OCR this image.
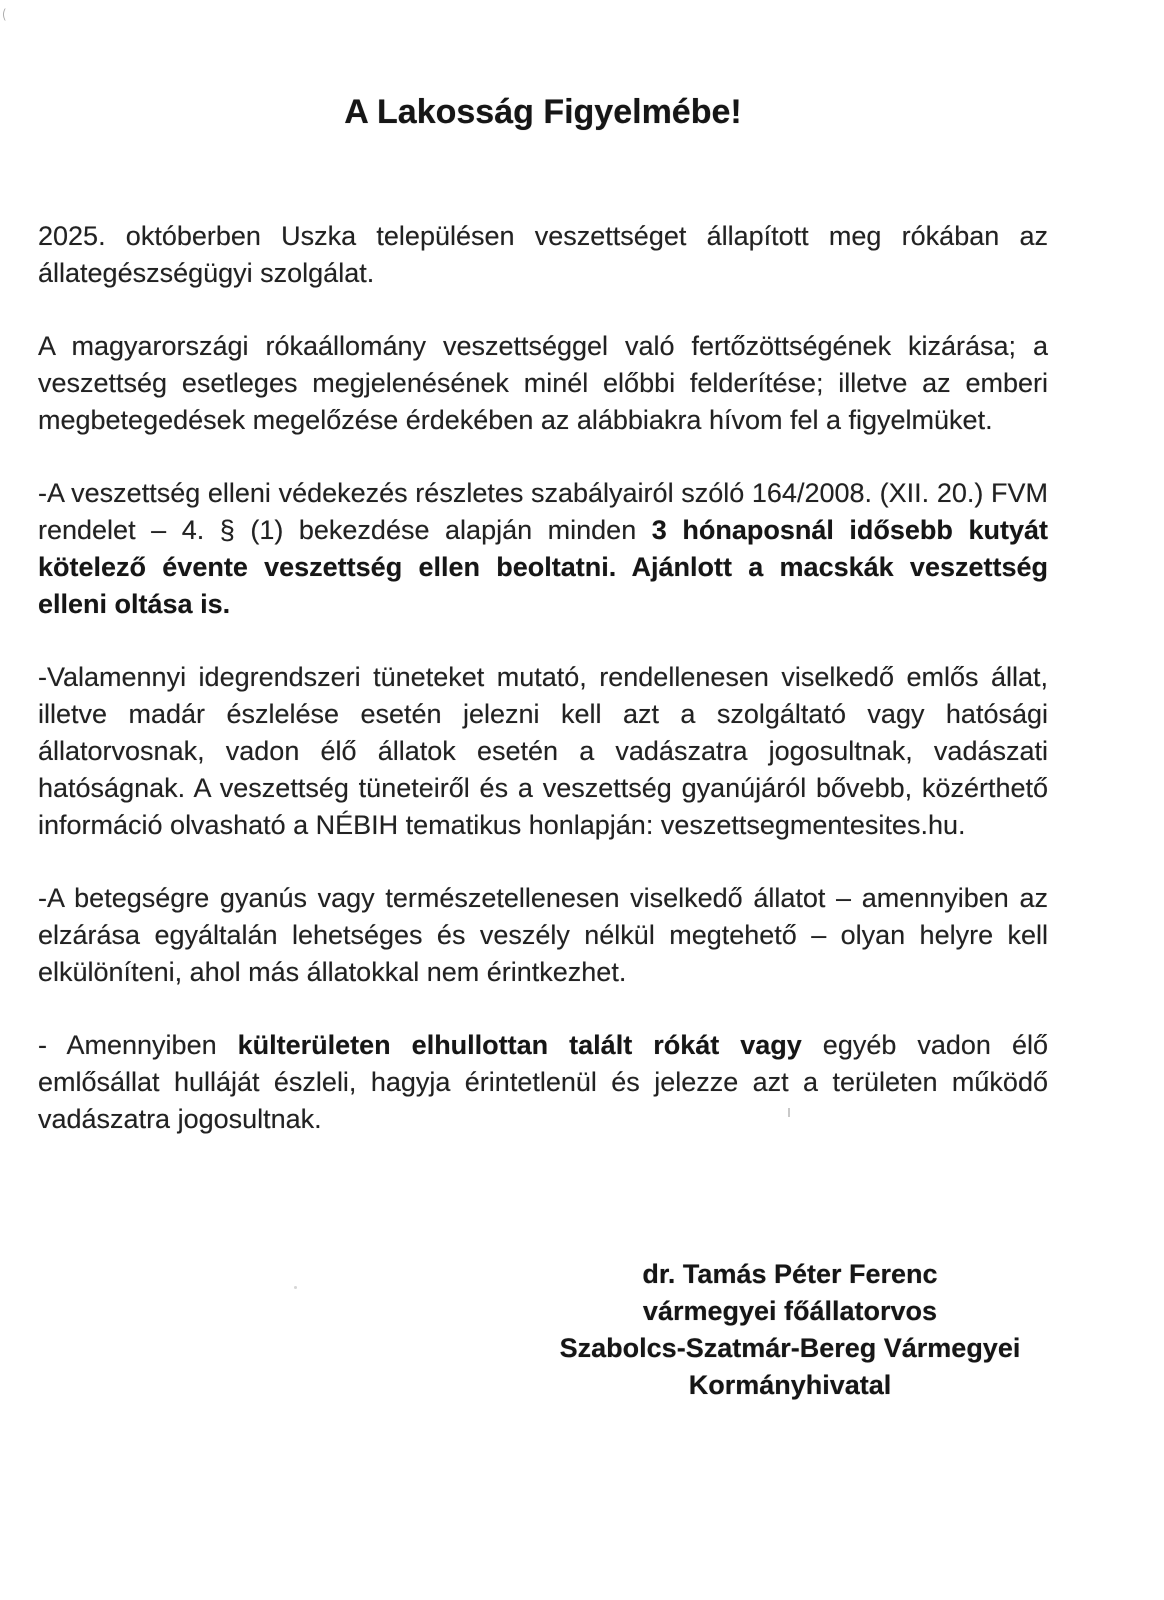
(
A Lakosság Figyelmébe!

2025. októberben Uszka településen veszettséget állapított meg rókában az állategészségügyi szolgálat.

A magyarországi rókaállomány veszettséggel való fertőzöttségének kizárása; a veszettség esetleges megjelenésének minél előbbi felderítése; illetve az emberi megbetegedések megelőzése érdekében az alábbiakra hívom fel a figyelmüket.

-A veszettség elleni védekezés részletes szabályairól szóló 164/2008. (XII. 20.) FVM rendelet – 4. § (1) bekezdése alapján minden 3 hónaposnál idősebb kutyát kötelező évente veszettség ellen beoltatni. Ajánlott a macskák veszettség elleni oltása is.

-Valamennyi idegrendszeri tüneteket mutató, rendellenesen viselkedő emlős állat, illetve madár észlelése esetén jelezni kell azt a szolgáltató vagy hatósági állatorvosnak, vadon élő állatok esetén a vadászatra jogosultnak, vadászati hatóságnak. A veszettség tüneteiről és a veszettség gyanújáról bővebb, közérthető információ olvasható a NÉBIH tematikus honlapján: veszettsegmentesites.hu.

-A betegségre gyanús vagy természetellenesen viselkedő állatot – amennyiben az elzárása egyáltalán lehetséges és veszély nélkül megtehető – olyan helyre kell elkülöníteni, ahol más állatokkal nem érintkezhet.

- Amennyiben külterületen elhullottan talált rókát vagy egyéb vadon élő emlősállat hulláját észleli, hagyja érintetlenül és jelezze azt a területen működő vadászatra jogosultnak.

dr. Tamás Péter Ferenc
vármegyei főállatorvos
Szabolcs-Szatmár-Bereg Vármegyei
Kormányhivatal
